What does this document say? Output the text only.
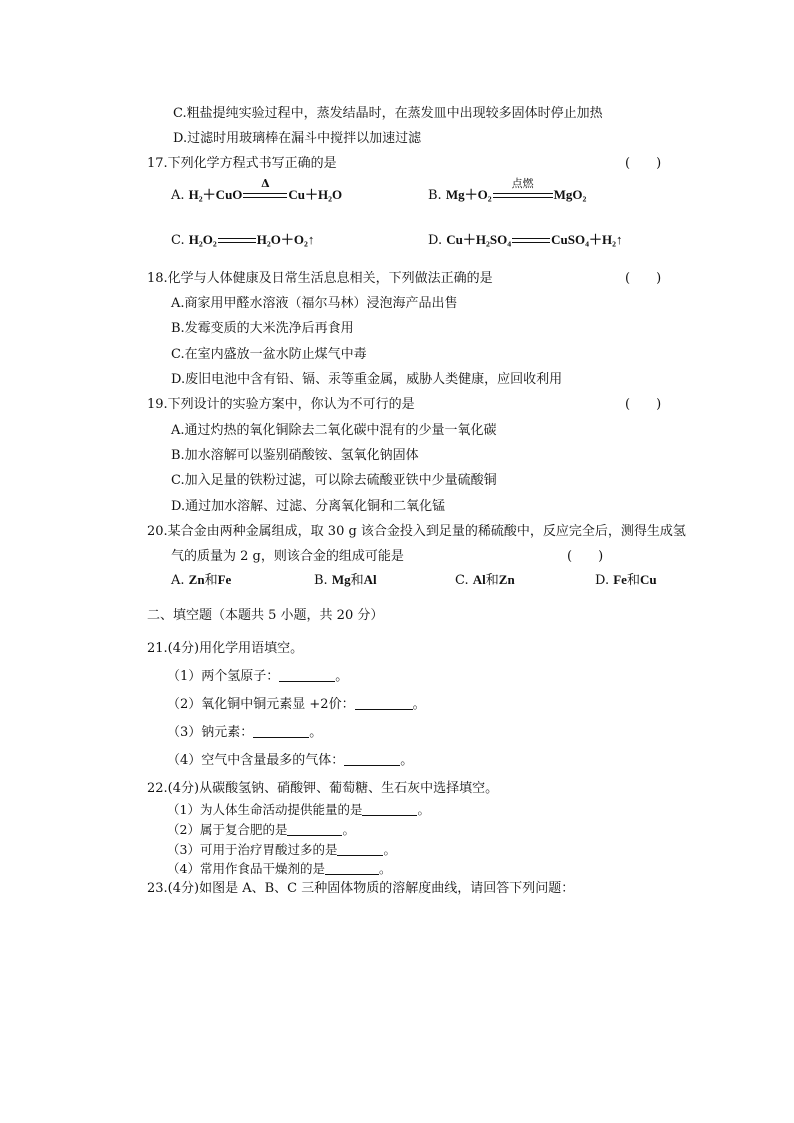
C.粗盐提纯实验过程中，蒸发结晶时，在蒸发皿中出现较多固体时停止加热
D.过滤时用玻璃棒在漏斗中搅拌以加速过滤
17.下列化学方程式书写正确的是	(　　)
A. H₂＋CuO
Δ
Cu＋H₂O	B. Mg＋O₂
点燃
MgO₂
C. H₂O₂	H₂O＋O₂↑	D. Cu＋H₂SO₄	CuSO₄＋H₂↑
18.化学与人体健康及日常生活息息相关，下列做法正确的是	(　　)
A.商家用甲醛水溶液（福尔马林）浸泡海产品出售
B.发霉变质的大米洗净后再食用
C.在室内盛放一盆水防止煤气中毒
D.废旧电池中含有铅、镉、汞等重金属，威胁人类健康，应回收利用
19.下列设计的实验方案中，你认为不可行的是	(　　)
A.通过灼热的氧化铜除去二氧化碳中混有的少量一氧化碳
B.加水溶解可以鉴别硝酸铵、氢氧化钠固体
C.加入足量的铁粉过滤，可以除去硫酸亚铁中少量硫酸铜
D.通过加水溶解、过滤、分离氧化铜和二氧化锰
20.某合金由两种金属组成，取 30 g 该合金投入到足量的稀硫酸中，反应完全后，测得生成氢
气的质量为 2 g，则该合金的组成可能是	(　　)
A. Zn和Fe	B. Mg和Al	C. Al和Zn	D. Fe和Cu
二、填空题（本题共 5 小题，共 20 分）
21.(4分)用化学用语填空。
（1）两个氢原子：	。
（2）氧化铜中铜元素显 +2价：	。
（3）钠元素：	。
（4）空气中含量最多的气体：	。
22.(4分)从碳酸氢钠、硝酸钾、葡萄糖、生石灰中选择填空。
（1）为人体生命活动提供能量的是	。
（2）属于复合肥的是	。
（3）可用于治疗胃酸过多的是	。
（4）常用作食品干燥剂的是	。
23.(4分)如图是 A、B、C 三种固体物质的溶解度曲线，请回答下列问题：
